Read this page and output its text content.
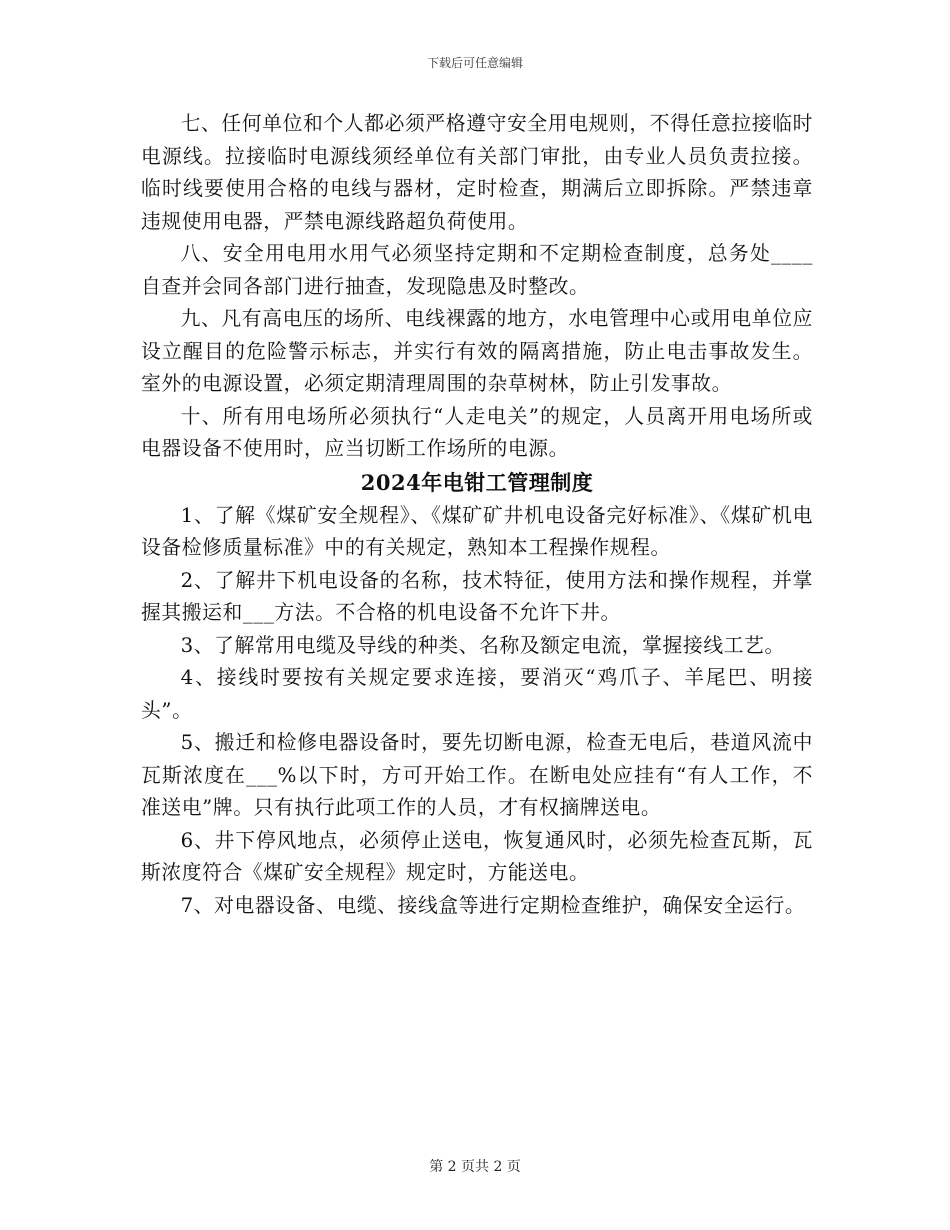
下载后可任意编辑

七、任何单位和个人都必须严格遵守安全用电规则，不得任意拉接临时电源线。拉接临时电源线须经单位有关部门审批，由专业人员负责拉接。临时线要使用合格的电线与器材，定时检查，期满后立即拆除。严禁违章违规使用电器，严禁电源线路超负荷使用。

八、安全用电用水用气必须坚持定期和不定期检查制度，总务处____自查并会同各部门进行抽查，发现隐患及时整改。

九、凡有高电压的场所、电线裸露的地方，水电管理中心或用电单位应设立醒目的危险警示标志，并实行有效的隔离措施，防止电击事故发生。室外的电源设置，必须定期清理周围的杂草树林，防止引发事故。

十、所有用电场所必须执行“人走电关”的规定，人员离开用电场所或电器设备不使用时，应当切断工作场所的电源。

2024年电钳工管理制度

1、了解《煤矿安全规程》、《煤矿矿井机电设备完好标准》、《煤矿机电设备检修质量标准》中的有关规定，熟知本工程操作规程。

2、了解井下机电设备的名称，技术特征，使用方法和操作规程，并掌握其搬运和___方法。不合格的机电设备不允许下井。

3、了解常用电缆及导线的种类、名称及额定电流，掌握接线工艺。

4、接线时要按有关规定要求连接，要消灭“鸡爪子、羊尾巴、明接头”。

5、搬迁和检修电器设备时，要先切断电源，检查无电后，巷道风流中瓦斯浓度在___%以下时，方可开始工作。在断电处应挂有“有人工作，不准送电”牌。只有执行此项工作的人员，才有权摘牌送电。

6、井下停风地点，必须停止送电，恢复通风时，必须先检查瓦斯，瓦斯浓度符合《煤矿安全规程》规定时，方能送电。

7、对电器设备、电缆、接线盒等进行定期检查维护，确保安全运行。

第 2 页共 2 页
